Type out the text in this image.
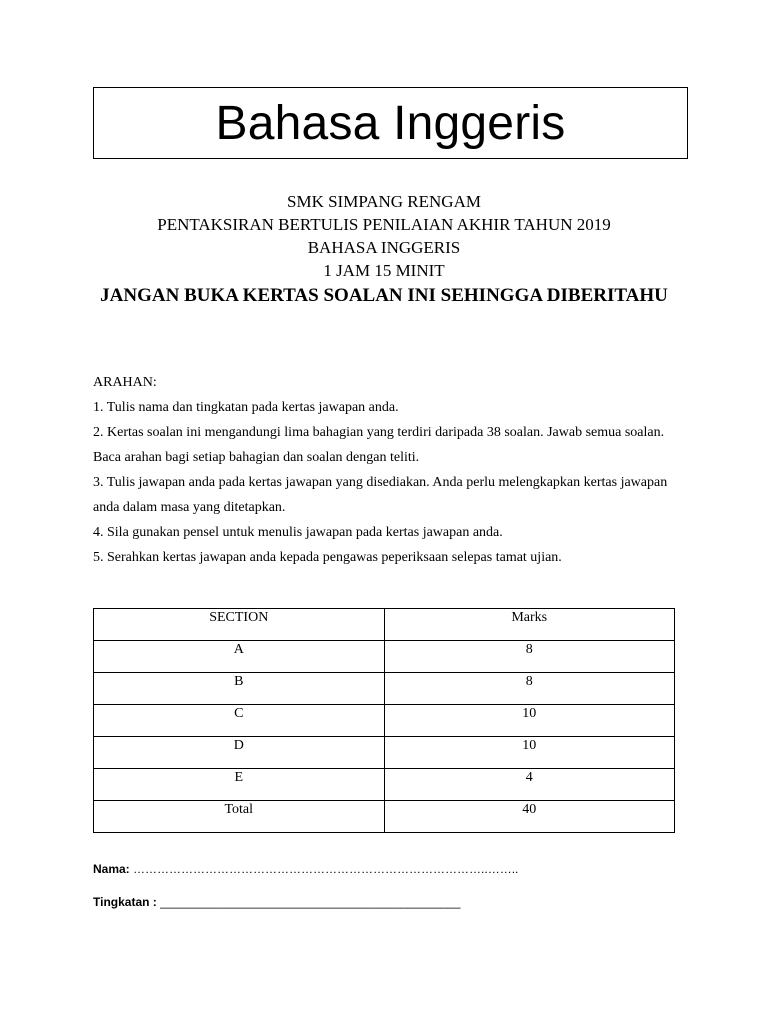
Bahasa Inggeris
SMK SIMPANG RENGAM
PENTAKSIRAN BERTULIS PENILAIAN AKHIR TAHUN 2019
BAHASA INGGERIS
1 JAM 15 MINIT
JANGAN BUKA KERTAS SOALAN INI SEHINGGA DIBERITAHU
ARAHAN:

1. Tulis nama dan tingkatan pada kertas jawapan anda.

2. Kertas soalan ini mengandungi lima bahagian yang terdiri daripada 38 soalan. Jawab semua soalan. Baca arahan bagi setiap bahagian dan soalan dengan teliti.

3. Tulis jawapan anda pada kertas jawapan yang disediakan. Anda perlu melengkapkan kertas jawapan anda dalam masa yang ditetapkan.

4. Sila gunakan pensel untuk menulis jawapan pada kertas jawapan anda.

5. Serahkan kertas jawapan anda kepada pengawas peperiksaan selepas tamat ujian.

SECTION	Marks
A	8
B	8
C	10
D	10
E	4
Total	40
Nama: ……………………………………………………………………………..……..
Tingkatan : _____________________________________________
